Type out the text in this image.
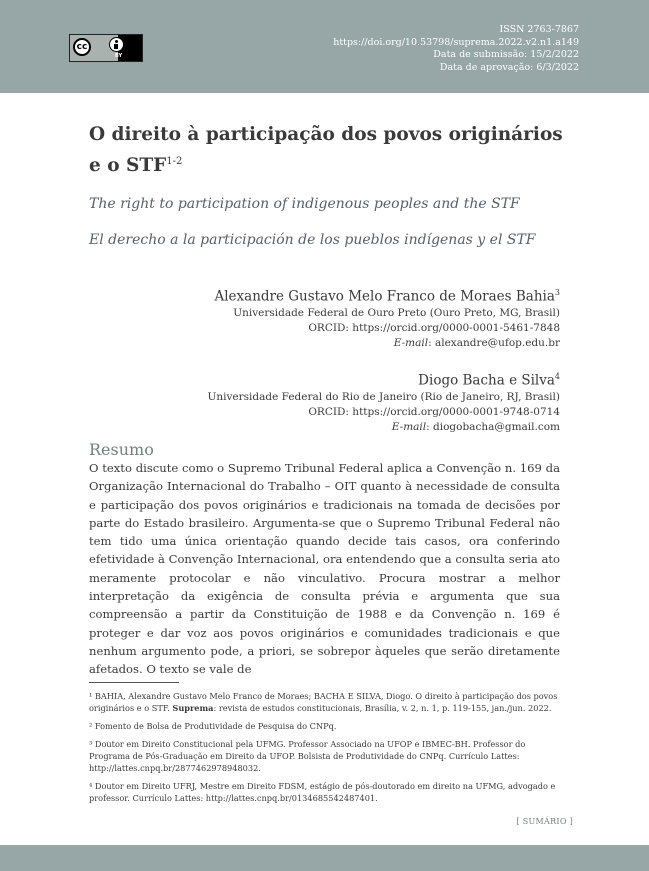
cc
BY
ISSN 2763-7867
https://doi.org/10.53798/suprema.2022.v2.n1.a149
Data de submissão: 15/2/2022
Data de aprovação: 6/3/2022
O direito à participação dos povos originários e o STF$^{1-2}$

The right to participation of indigenous peoples and the STF

El derecho a la participación de los pueblos indígenas y el STF

Alexandre Gustavo Melo Franco de Moraes Bahia$^3$
Universidade Federal de Ouro Preto (Ouro Preto, MG, Brasil)
ORCID: https://orcid.org/0000-0001-5461-7848
E-mail: alexandre@ufop.edu.br
Diogo Bacha e Silva$^4$
Universidade Federal do Rio de Janeiro (Rio de Janeiro, RJ, Brasil)
ORCID: https://orcid.org/0000-0001-9748-0714
E-mail: diogobacha@gmail.com
Resumo

O texto discute como o Supremo Tribunal Federal aplica a Convenção n. 169 da Organização Internacional do Trabalho – OIT quanto à necessidade de consulta e participação dos povos originários e tradicionais na tomada de decisões por parte do Estado brasileiro. Argumenta-se que o Supremo Tribunal Federal não tem tido uma única orientação quando decide tais casos, ora conferindo efetividade à Convenção Internacional, ora entendendo que a consulta seria ato meramente protocolar e não vinculativo. Procura mostrar a melhor interpretação da exigência de consulta prévia e argumenta que sua compreensão a partir da Constituição de 1988 e da Convenção n. 169 é proteger e dar voz aos povos originários e comunidades tradicionais e que nenhum argumento pode, a priori, se sobrepor àqueles que serão diretamente afetados. O texto se vale de

¹ BAHIA, Alexandre Gustavo Melo Franco de Moraes; BACHA E SILVA, Diogo. O direito à participação dos povos originários e o STF. Suprema: revista de estudos constitucionais, Brasília, v. 2, n. 1, p. 119-155, jan./jun. 2022.

² Fomento de Bolsa de Produtividade de Pesquisa do CNPq.

³ Doutor em Direito Constitucional pela UFMG. Professor Associado na UFOP e IBMEC-BH. Professor do Programa de Pós-Graduação em Direito da UFOP. Bolsista de Produtividade do CNPq. Currículo Lattes: http://lattes.cnpq.br/2877462978948032.

⁴ Doutor em Direito UFRJ, Mestre em Direito FDSM, estágio de pós-doutorado em direito na UFMG, advogado e professor. Currículo Lattes: http://lattes.cnpq.br/0134685542487401.

[ SUMÁRIO ]
